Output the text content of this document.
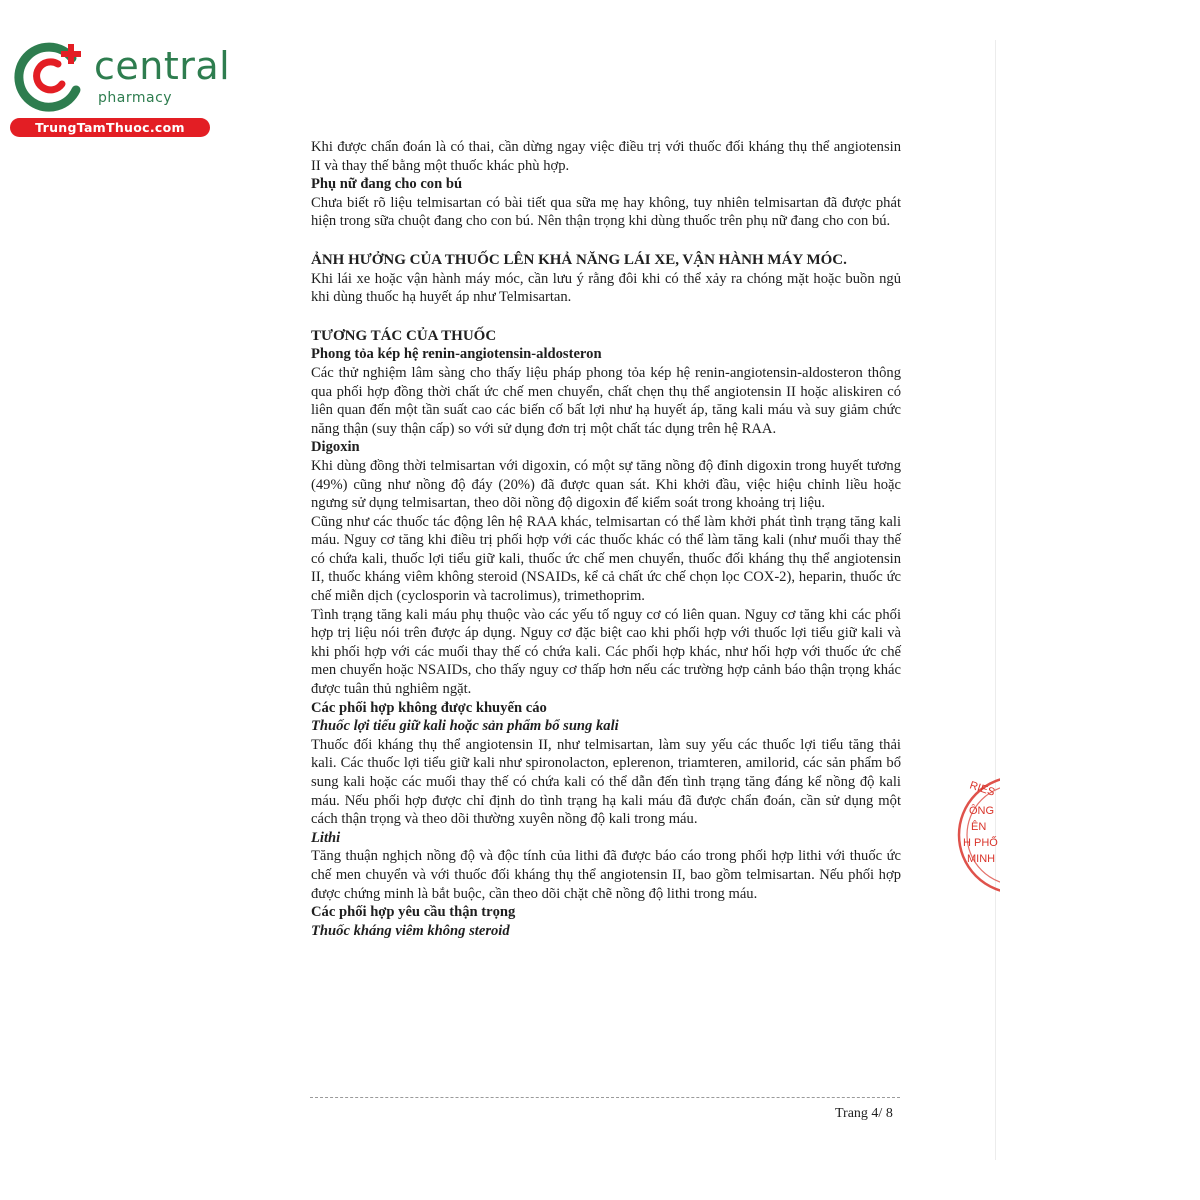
central
pharmacy
TrungTamThuoc.com

Khi được chẩn đoán là có thai, cần dừng ngay việc điều trị với thuốc đối kháng thụ thể angiotensin II và thay thế bằng một thuốc khác phù hợp.

Phụ nữ đang cho con bú

Chưa biết rõ liệu telmisartan có bài tiết qua sữa mẹ hay không, tuy nhiên telmisartan đã được phát hiện trong sữa chuột đang cho con bú. Nên thận trọng khi dùng thuốc trên phụ nữ đang cho con bú.

ẢNH HƯỞNG CỦA THUỐC LÊN KHẢ NĂNG LÁI XE, VẬN HÀNH MÁY MÓC.

Khi lái xe hoặc vận hành máy móc, cần lưu ý rằng đôi khi có thể xảy ra chóng mặt hoặc buồn ngủ khi dùng thuốc hạ huyết áp như Telmisartan.

TƯƠNG TÁC CỦA THUỐC
Phong tỏa kép hệ renin-angiotensin-aldosteron

Các thử nghiệm lâm sàng cho thấy liệu pháp phong tỏa kép hệ renin-angiotensin-aldosteron thông qua phối hợp đồng thời chất ức chế men chuyển, chất chẹn thụ thể angiotensin II hoặc aliskiren có liên quan đến một tần suất cao các biến cố bất lợi như hạ huyết áp, tăng kali máu và suy giảm chức năng thận (suy thận cấp) so với sử dụng đơn trị một chất tác dụng trên hệ RAA.

Digoxin

Khi dùng đồng thời telmisartan với digoxin, có một sự tăng nồng độ đỉnh digoxin trong huyết tương (49%) cũng như nồng độ đáy (20%) đã được quan sát. Khi khởi đầu, việc hiệu chỉnh liều hoặc ngưng sử dụng telmisartan, theo dõi nồng độ digoxin để kiểm soát trong khoảng trị liệu.

Cũng như các thuốc tác động lên hệ RAA khác, telmisartan có thể làm khởi phát tình trạng tăng kali máu. Nguy cơ tăng khi điều trị phối hợp với các thuốc khác có thể làm tăng kali (như muối thay thế có chứa kali, thuốc lợi tiểu giữ kali, thuốc ức chế men chuyển, thuốc đối kháng thụ thể angiotensin II, thuốc kháng viêm không steroid (NSAIDs, kể cả chất ức chế chọn lọc COX-2), heparin, thuốc ức chế miễn dịch (cyclosporin và tacrolimus), trimethoprim.

Tình trạng tăng kali máu phụ thuộc vào các yếu tố nguy cơ có liên quan. Nguy cơ tăng khi các phối hợp trị liệu nói trên được áp dụng. Nguy cơ đặc biệt cao khi phối hợp với thuốc lợi tiểu giữ kali và khi phối hợp với các muối thay thế có chứa kali. Các phối hợp khác, như hối hợp với thuốc ức chế men chuyển hoặc NSAIDs, cho thấy nguy cơ thấp hơn nếu các trường hợp cảnh báo thận trọng khác được tuân thủ nghiêm ngặt.

Các phối hợp không được khuyến cáo
Thuốc lợi tiểu giữ kali hoặc sản phẩm bổ sung kali

Thuốc đối kháng thụ thể angiotensin II, như telmisartan, làm suy yếu các thuốc lợi tiểu tăng thải kali. Các thuốc lợi tiểu giữ kali như spironolacton, eplerenon, triamteren, amilorid, các sản phẩm bổ sung kali hoặc các muối thay thế có chứa kali có thể dẫn đến tình trạng tăng đáng kể nồng độ kali máu. Nếu phối hợp được chỉ định do tình trạng hạ kali máu đã được chẩn đoán, cần sử dụng một cách thận trọng và theo dõi thường xuyên nồng độ kali trong máu.

Lithi

Tăng thuận nghịch nồng độ và độc tính của lithi đã được báo cáo trong phối hợp lithi với thuốc ức chế men chuyển và với thuốc đối kháng thụ thể angiotensin II, bao gồm telmisartan. Nếu phối hợp được chứng minh là bắt buộc, cần theo dõi chặt chẽ nồng độ lithi trong máu.

Các phối hợp yêu cầu thận trọng
Thuốc kháng viêm không steroid
Trang 4/ 8
RIES
ÔNG
ÊN
H PHỐ
MINH
